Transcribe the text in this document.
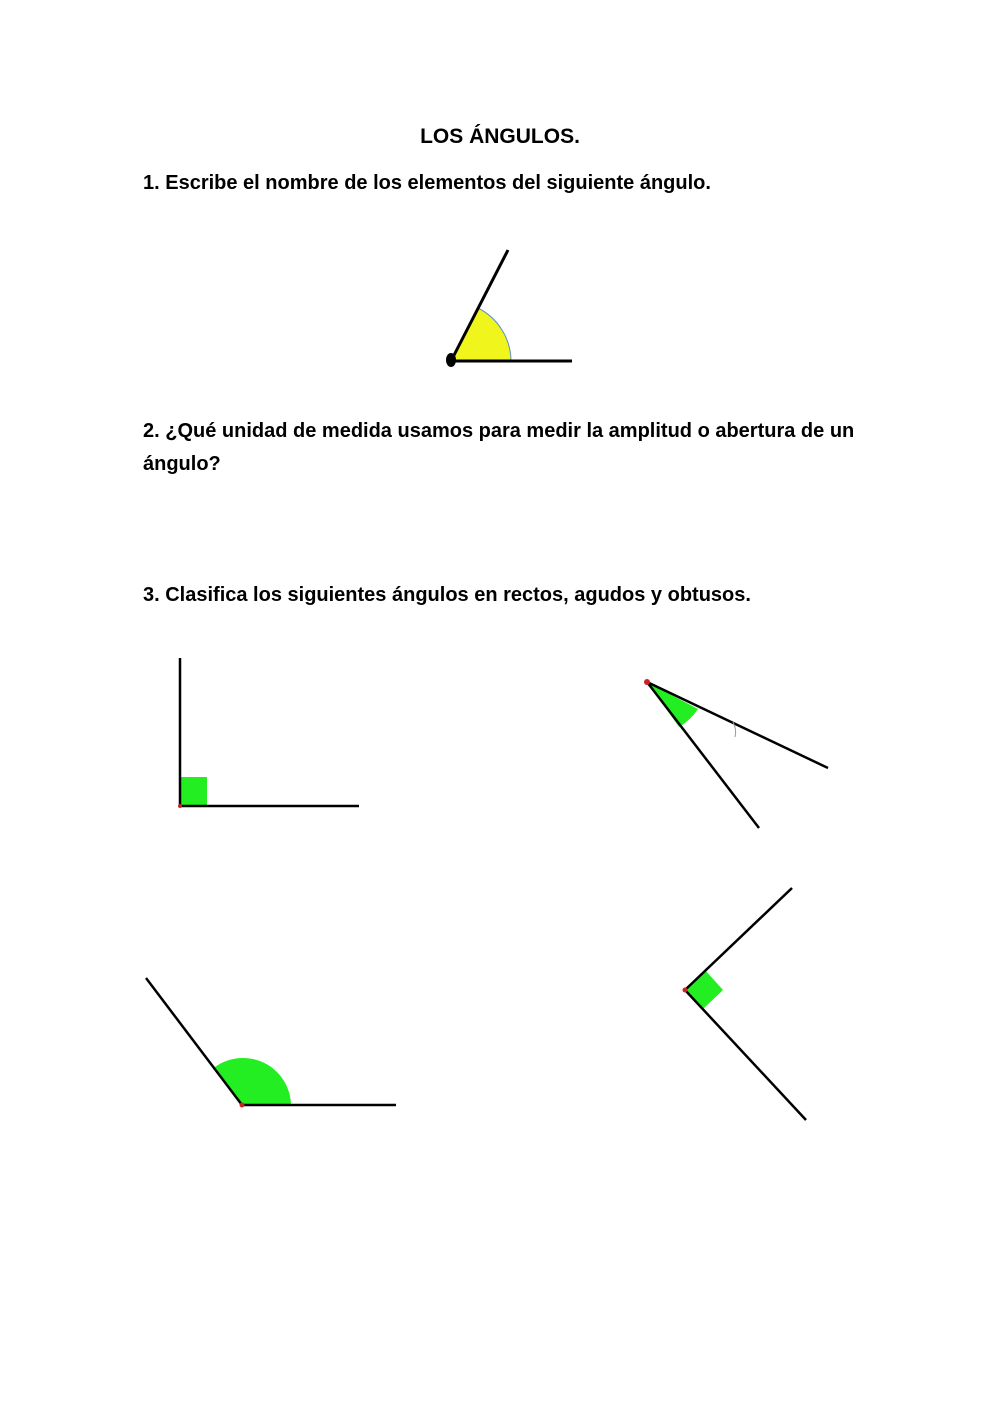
LOS ÁNGULOS.

1. Escribe el nombre de los elementos del siguiente ángulo.

2. ¿Qué unidad de medida usamos para medir la amplitud o abertura de un ángulo?

3. Clasifica los siguientes ángulos en rectos, agudos y obtusos.
